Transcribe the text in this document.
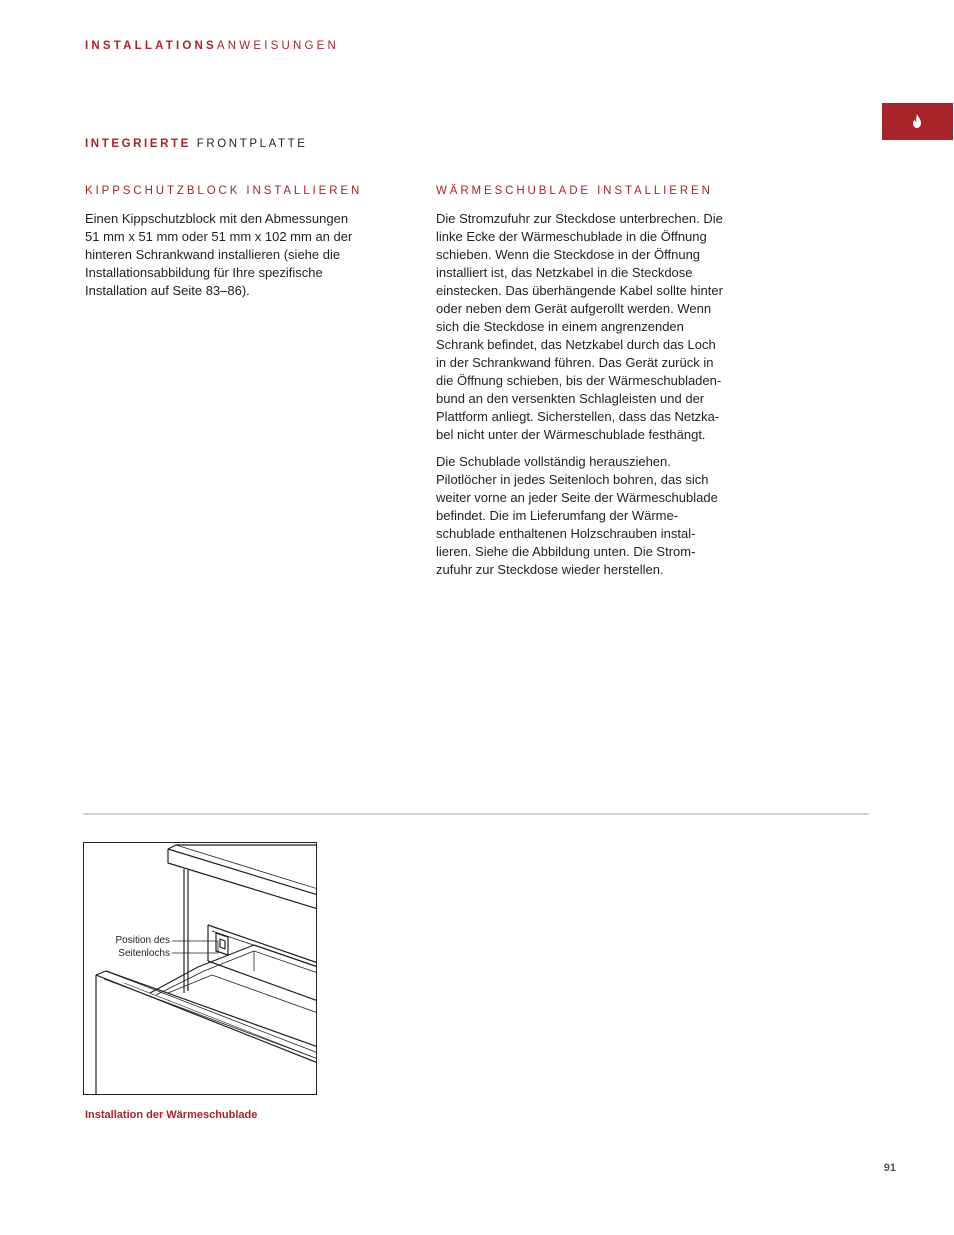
INSTALLATIONSANWEISUNGEN
INTEGRIERTE FRONTPLATTE
KIPPSCHUTZBLOCK INSTALLIEREN

Einen Kippschutzblock mit den Abmessungen
51 mm x 51 mm oder 51 mm x 102 mm an der
hinteren Schrankwand installieren (siehe die
Installationsabbildung für Ihre spezifische
Installation auf Seite 83–86).

WÄRMESCHUBLADE INSTALLIEREN

Die Stromzufuhr zur Steckdose unterbrechen. Die
linke Ecke der Wärmeschublade in die Öffnung
schieben. Wenn die Steckdose in der Öffnung
installiert ist, das Netzkabel in die Steckdose
einstecken. Das überhängende Kabel sollte hinter
oder neben dem Gerät aufgerollt werden. Wenn
sich die Steckdose in einem angrenzenden
Schrank befindet, das Netzkabel durch das Loch
in der Schrankwand führen. Das Gerät zurück in
die Öffnung schieben, bis der Wärmeschubladen-
bund an den versenkten Schlagleisten und der
Plattform anliegt. Sicherstellen, dass das Netzka-
bel nicht unter der Wärmeschublade festhängt.

Die Schublade vollständig herausziehen.
Pilotlöcher in jedes Seitenloch bohren, das sich
weiter vorne an jeder Seite der Wärmeschublade
befindet. Die im Lieferumfang der Wärme-
schublade enthaltenen Holzschrauben instal-
lieren. Siehe die Abbildung unten. Die Strom-
zufuhr zur Steckdose wieder herstellen.

Position des
Seitenlochs
Installation der Wärmeschublade
91
